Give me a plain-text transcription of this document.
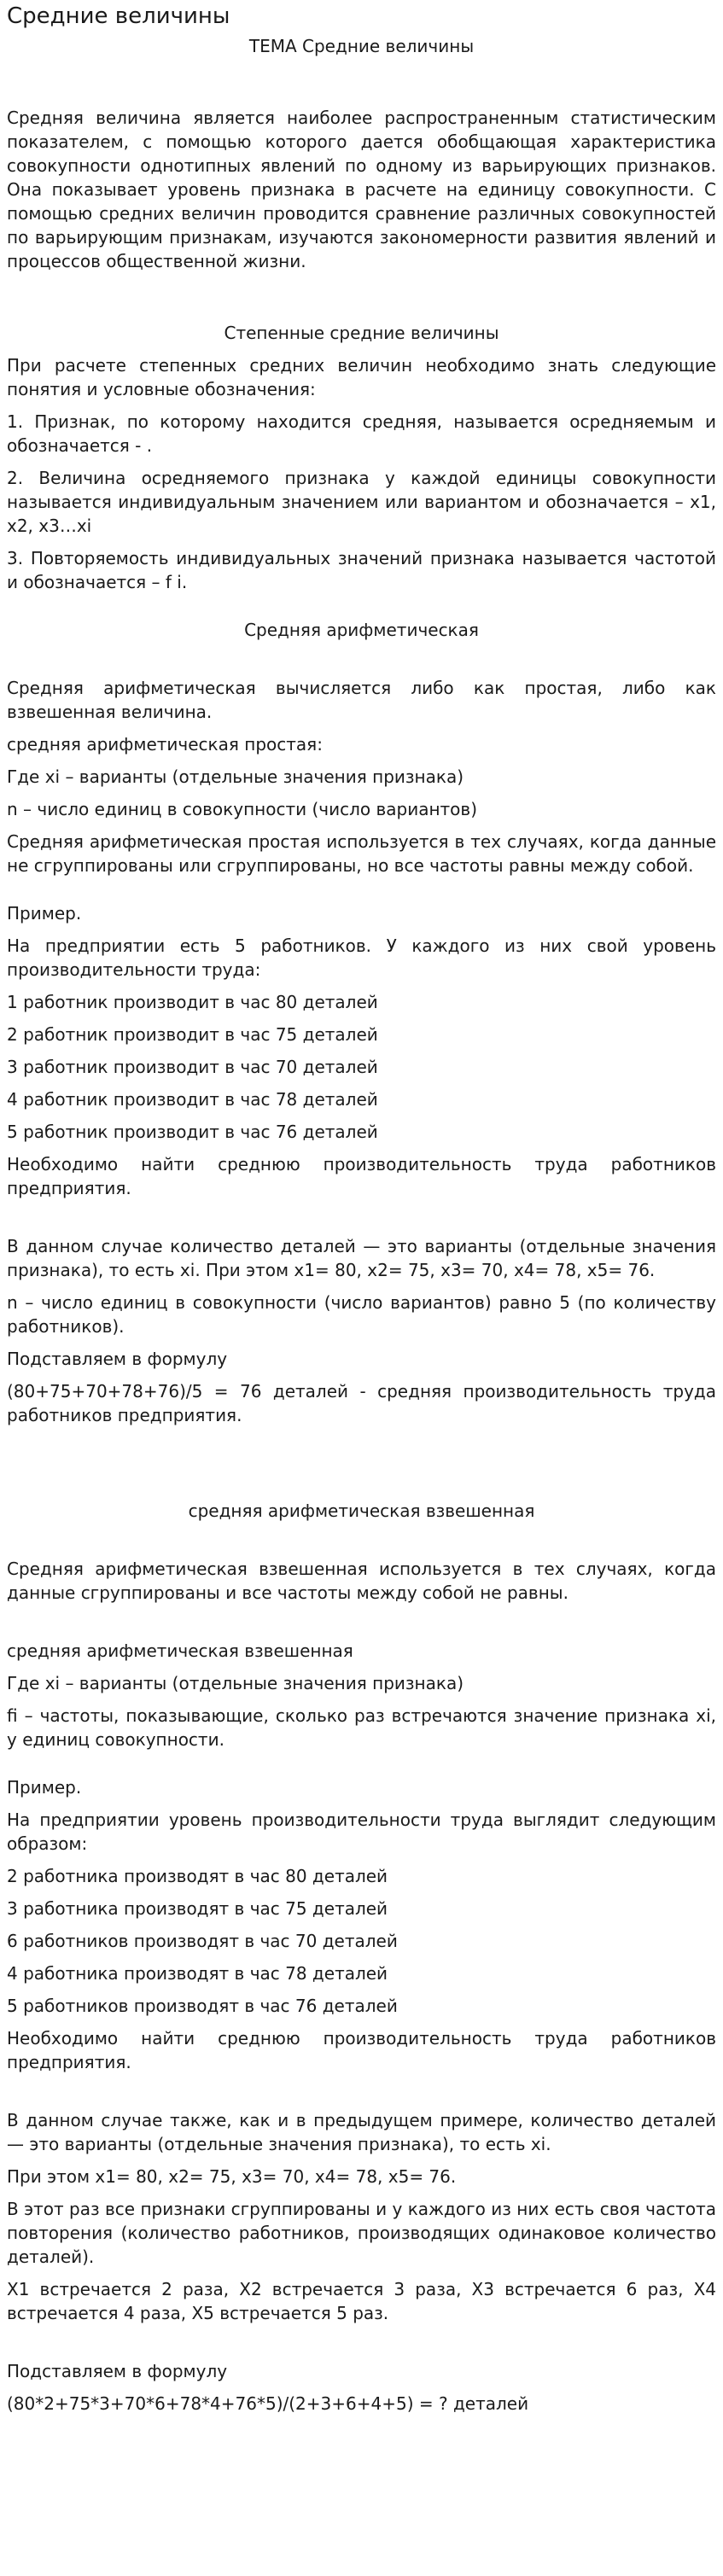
Средние величины

ТЕМА Средние величины

Средняя величина является наиболее распространенным статистическим показателем, с помощью которого дается обобщающая характеристика совокупности однотипных явлений по одному из варьирующих признаков. Она показывает уровень признака в расчете на единицу совокупности. С помощью средних величин проводится сравнение различных совокупностей по варьирующим признакам, изучаются закономерности развития явлений и процессов общественной жизни.

Степенные средние величины

При расчете степенных средних величин необходимо знать следующие понятия и условные обозначения:

1. Признак, по которому находится средняя, называется осредняемым и обозначается - .

2. Величина осредняемого признака у каждой единицы совокупности называется индивидуальным значением или вариантом и обозначается – x1, x2, x3…xi

3. Повторяемость индивидуальных значений признака называется частотой и обозначается – f i.

Средняя арифметическая

Средняя арифметическая вычисляется либо как простая, либо как взвешенная величина.

средняя арифметическая простая:

Где xi – варианты (отдельные значения признака)

n – число единиц в совокупности (число вариантов)

Средняя арифметическая простая используется в тех случаях, когда данные не сгруппированы или сгруппированы, но все частоты равны между собой.

Пример.

На предприятии есть 5 работников. У каждого из них свой уровень производительности труда:

1 работник производит в час 80 деталей

2 работник производит в час 75 деталей

3 работник производит в час 70 деталей

4 работник производит в час 78 деталей

5 работник производит в час 76 деталей

Необходимо найти среднюю производительность труда работников предприятия.

В данном случае количество деталей — это варианты (отдельные значения признака), то есть xi. При этом x1= 80, x2= 75, x3= 70, x4= 78, x5= 76.

n – число единиц в совокупности (число вариантов) равно 5 (по количеству работников).

Подставляем в формулу

(80+75+70+78+76)/5 = 76 деталей - средняя производительность труда работников предприятия.

средняя арифметическая взвешенная

Средняя арифметическая взвешенная используется в тех случаях, когда данные сгруппированы и все частоты между собой не равны.

средняя арифметическая взвешенная

Где xi – варианты (отдельные значения признака)

fi – частоты, показывающие, сколько раз встречаются значение признака xi, у единиц совокупности.

Пример.

На предприятии уровень производительности труда выглядит следующим образом:

2 работника производят в час 80 деталей

3 работника производят в час 75 деталей

6 работников производят в час 70 деталей

4 работника производят в час 78 деталей

5 работников производят в час 76 деталей

Необходимо найти среднюю производительность труда работников предприятия.

В данном случае также, как и в предыдущем примере, количество деталей — это варианты (отдельные значения признака), то есть xi.

При этом x1= 80, x2= 75, x3= 70, x4= 78, x5= 76.

В этот раз все признаки сгруппированы и у каждого из них есть своя частота повторения (количество работников, производящих одинаковое количество деталей).

X1 встречается 2 раза, X2 встречается 3 раза, X3 встречается 6 раз, X4 встречается 4 раза, X5 встречается 5 раз.

Подставляем в формулу

(80*2+75*3+70*6+78*4+76*5)/(2+3+6+4+5) = ? деталей
